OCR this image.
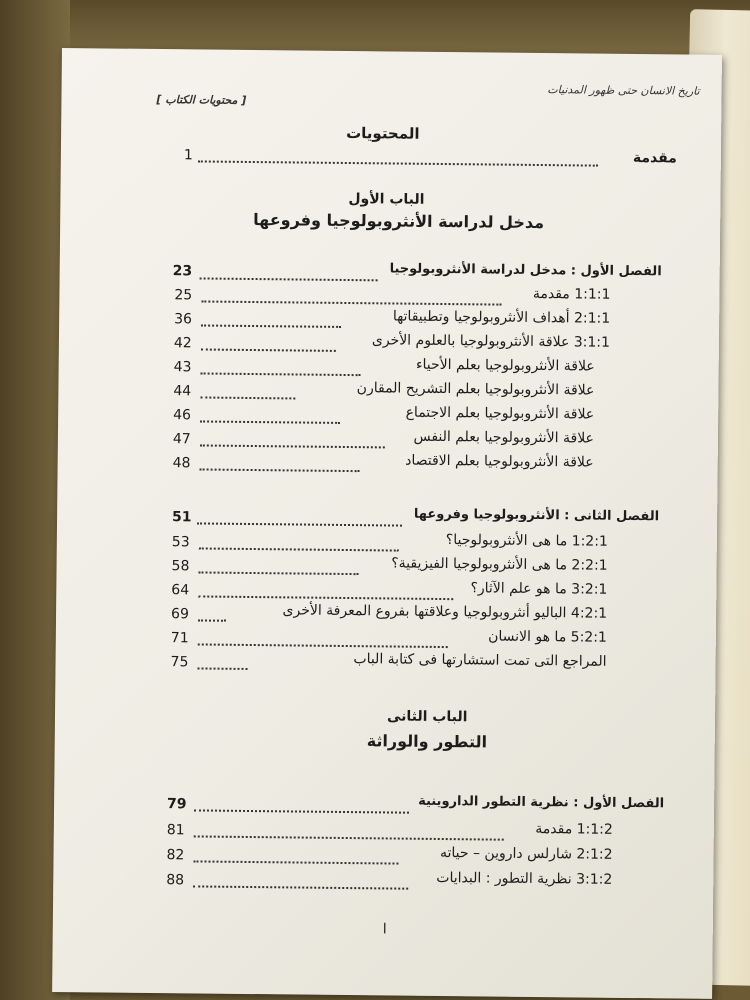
تاريخ الانسان حتى ظهور المدنيات
[ محتويات الكتاب ]
المحتويات
مقدمة
1
الباب الأول
مدخل لدراسة الأنثروبولوجيا وفروعها
الفصل الأول : مدخل لدراسة الأنثروبولوجيا
23
1:1:1 مقدمة
25
2:1:1 أهداف الأنثروبولوجيا وتطبيقاتها
36
3:1:1 علاقة الأنثروبولوجيا بالعلوم الأخرى
42
علاقة الأنثروبولوجيا بعلم الأحياء
43
علاقة الأنثروبولوجيا بعلم التشريح المقارن
44
علاقة الأنثروبولوجيا بعلم الاجتماع
46
علاقة الأنثروبولوجيا بعلم النفس
47
علاقة الأنثروبولوجيا بعلم الاقتصاد
48
الفصل الثانى : الأنثروبولوجيا وفروعها
51
1:2:1 ما هى الأنثروبولوجيا؟
53
2:2:1 ما هى الأنثروبولوجيا الفيزيقية؟
58
3:2:1 ما هو علم الآثار؟
64
4:2:1 الباليو أنثروبولوجيا وعلاقتها بفروع المعرفة الأخرى
69
5:2:1 ما هو الانسان
71
المراجع التى تمت استشارتها فى كتابة الباب
75
الباب الثانى
التطور والوراثة
الفصل الأول : نظرية التطور الداروينية
79
1:1:2 مقدمة
81
2:1:2 شارلس داروين – حياته
82
3:1:2 نظرية التطور : البدايات
88
ا
